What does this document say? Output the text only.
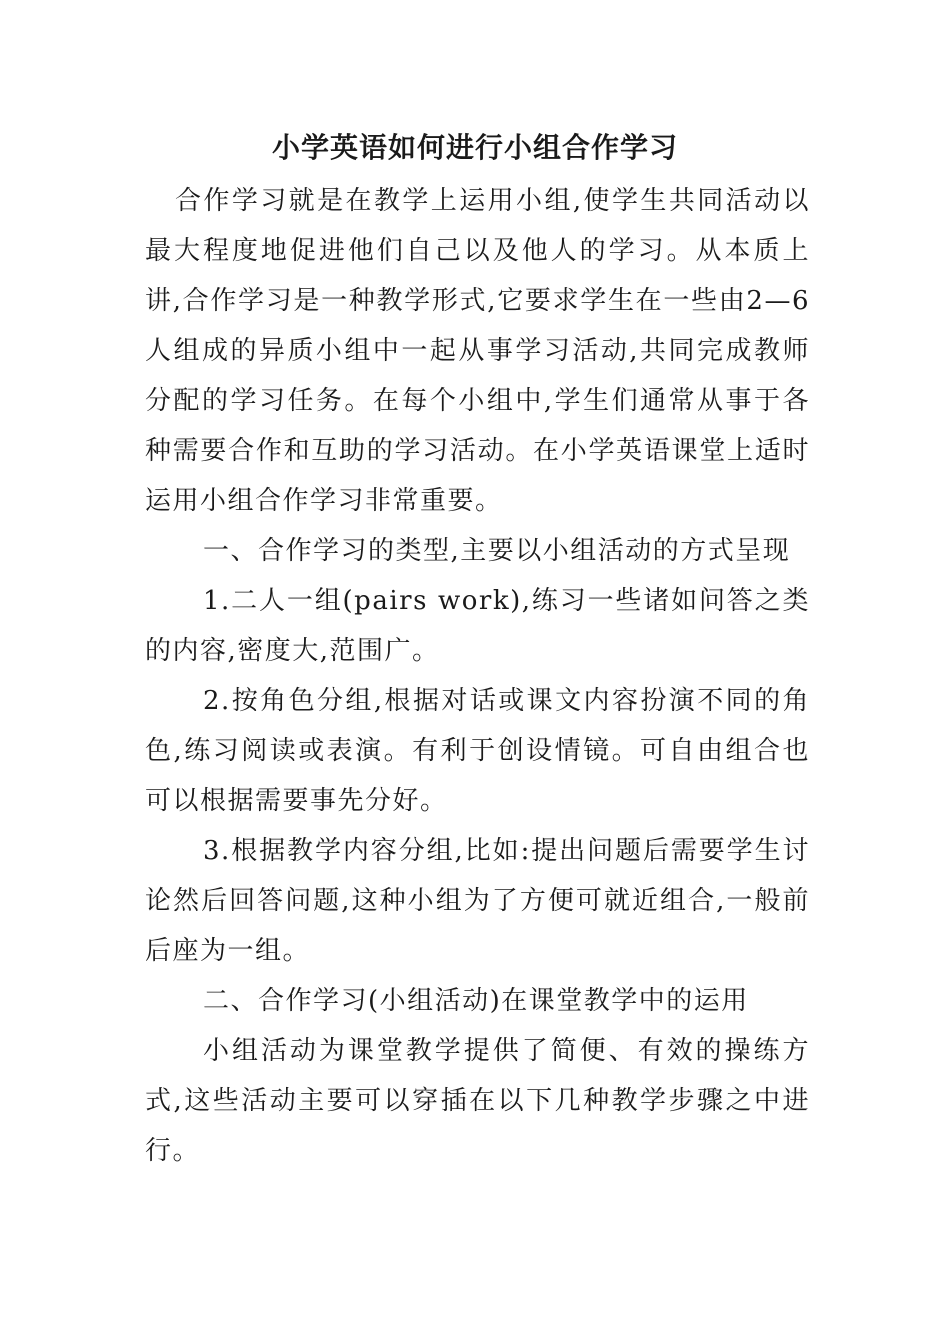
小学英语如何进行小组合作学习

合作学习就是在教学上运用小组,使学生共同活动以最大程度地促进他们自己以及他人的学习。从本质上讲,合作学习是一种教学形式,它要求学生在一些由2—6人组成的异质小组中一起从事学习活动,共同完成教师分配的学习任务。在每个小组中,学生们通常从事于各种需要合作和互助的学习活动。在小学英语课堂上适时运用小组合作学习非常重要。

一、合作学习的类型,主要以小组活动的方式呈现

1.二人一组(pairs work),练习一些诸如问答之类的内容,密度大,范围广。

2.按角色分组,根据对话或课文内容扮演不同的角色,练习阅读或表演。有利于创设情镜。可自由组合也可以根据需要事先分好。

3.根据教学内容分组,比如:提出问题后需要学生讨论然后回答问题,这种小组为了方便可就近组合,一般前后座为一组。

二、合作学习(小组活动)在课堂教学中的运用

小组活动为课堂教学提供了简便、有效的操练方式,这些活动主要可以穿插在以下几种教学步骤之中进行。
